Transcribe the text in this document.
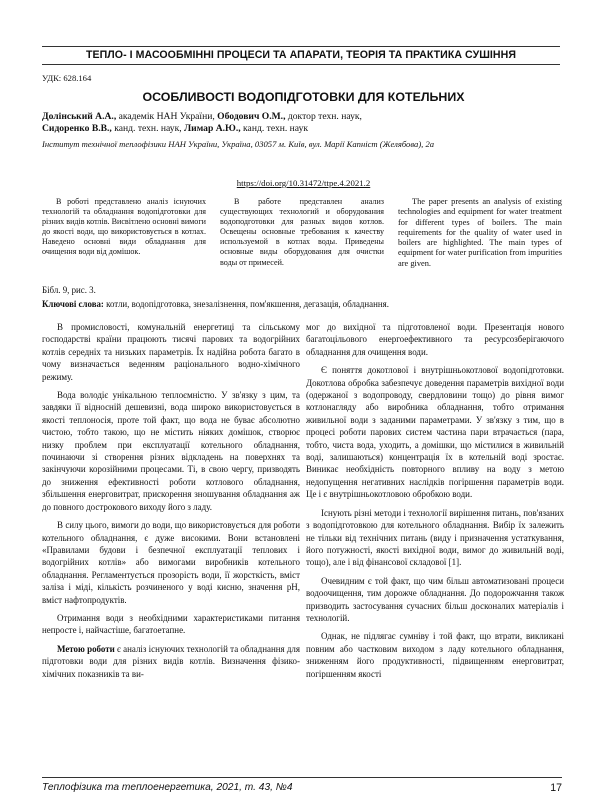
ТЕПЛО- І МАСООБМІННІ ПРОЦЕСИ ТА АПАРАТИ, ТЕОРІЯ ТА ПРАКТИКА СУШІННЯ
УДК: 628.164
ОСОБЛИВОСТІ ВОДОПІДГОТОВКИ ДЛЯ КОТЕЛЬНИХ
Долінський А.А., академік НАН України, Ободович О.М., доктор техн. наук,
Сидоренко В.В., канд. техн. наук, Лимар А.Ю., канд. техн. наук
Інститут технічної теплофізики НАН України, Україна, 03057 м. Київ, вул. Марії Капніст (Желябова), 2а
https://doi.org/10.31472/ttpe.4.2021.2

В роботі представлено аналіз існуючих технологій та обладнання водопідготовки для різних видів котлів. Висвітлено основні вимоги до якості води, що використовується в котлах. Наведено основні види обладнання для очищення води від домішок.

В работе представлен анализ существующих технологий и оборудования водоподготовки для разных видов котлов. Освещены основные требования к качеству используемой в котлах воды. Приведены основные виды оборудования для очистки воды от примесей.

The paper presents an analysis of existing technologies and equipment for water treatment for different types of boilers. The main requirements for the quality of water used in boilers are highlighted. The main types of equipment for water purification from impurities are given.

Бібл. 9, рис. 3.
Ключові слова: котли, водопідготовка, знезалізнення, пом'якшення, дегазація, обладнання.

В промисловості, комунальній енергетиці та сільському господарстві країни працюють тисячі парових та водогрійних котлів середніх та низьких параметрів. Їх надійна робота багато в чому визначається веденням раціонального водно-хімічного режиму.

Вода володіє унікальною теплоємністю. У зв'язку з цим, та завдяки її відносній дешевизні, вода широко використовується в якості теплоносія, проте той факт, що вода не буває абсолютно чистою, тобто такою, що не містить ніяких домішок, створює низку проблем при експлуатації котельного обладнання, починаючи зі створення різних відкладень на поверхнях та закінчуючи корозійними процесами. Ті, в свою чергу, призводять до зниження ефективності роботи котлового обладнання, збільшення енерговитрат, прискорення зношування обладнання аж до повного дострокового виходу його з ладу.

В силу цього, вимоги до води, що використовується для роботи котельного обладнання, є дуже високими. Вони встановлені «Правилами будови і безпечної експлуатації теплових і водогрійних котлів» або вимогами виробників котельного обладнання. Регламентується прозорість води, її жорсткість, вміст заліза і міді, кількість розчиненого у воді кисню, значення pH, вміст нафтопродуктів.

Отримання води з необхідними характеристиками питання непросте і, найчастіше, багатоетапне.

Метою роботи є аналіз існуючих технологій та обладнання для підготовки води для різних видів котлів. Визначення фізико-хімічних показників та ви-

мог до вихідної та підготовленої води. Презентація нового багатоцільового енергоефективного та ресурсозберігаючого обладнання для очищення води.

Є поняття докотлової і внутрішньокотлової водопідготовки. Докотлова обробка забезпечує доведення параметрів вихідної води (одержаної з водопроводу, свердловини тощо) до рівня вимог котлонагляду або виробника обладнання, тобто отримання живильної води з заданими параметрами. У зв'язку з тим, що в процесі роботи парових систем частина пари втрачається (пара, тобто, чиста вода, уходить, а домішки, що містилися в живильній воді, залишаються) концентрація їх в котельній воді зростає. Виникає необхідність повторного впливу на воду з метою недопущення негативних наслідків погіршення параметрів води. Це і є внутрішньокотловою обробкою води.

Існують різні методи і технології вирішення питань, пов'язаних з водопідготовкою для котельного обладнання. Вибір їх залежить не тільки від технічних питань (виду і призначення устаткування, його потужності, якості вихідної води, вимог до живильній воді, тощо), але і від фінансової складової [1].

Очевидним є той факт, що чим більш автоматизовані процеси водоочищення, тим дорожче обладнання. До подорожчання також призводить застосування сучасних більш досконалих матеріалів і технологій.

Однак, не підлягає сумніву і той факт, що втрати, викликані повним або частковим виходом з ладу котельного обладнання, зниженням його продуктивності, підвищенням енерговитрат, погіршенням якості

Теплофізика та теплоенергетика, 2021, т. 43, №4	17
